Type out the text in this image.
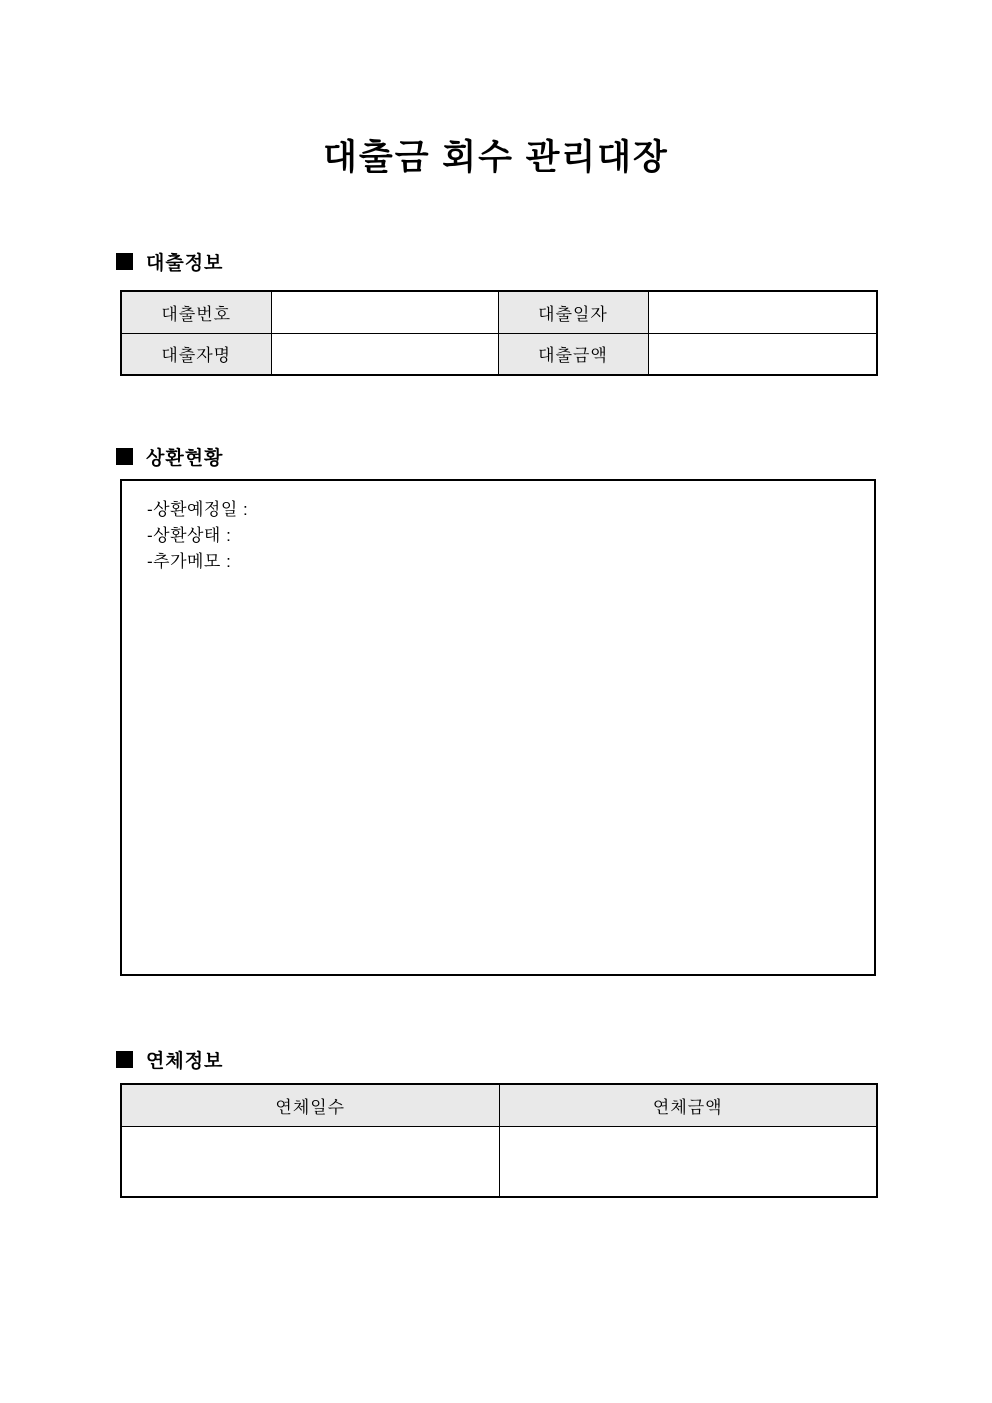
대출금 회수 관리대장
대출정보
대출번호		대출일자	
대출자명		대출금액	
상환현황
-상환예정일 :
-상환상태 :
-추가메모 :
연체정보
연체일수	연체금액
